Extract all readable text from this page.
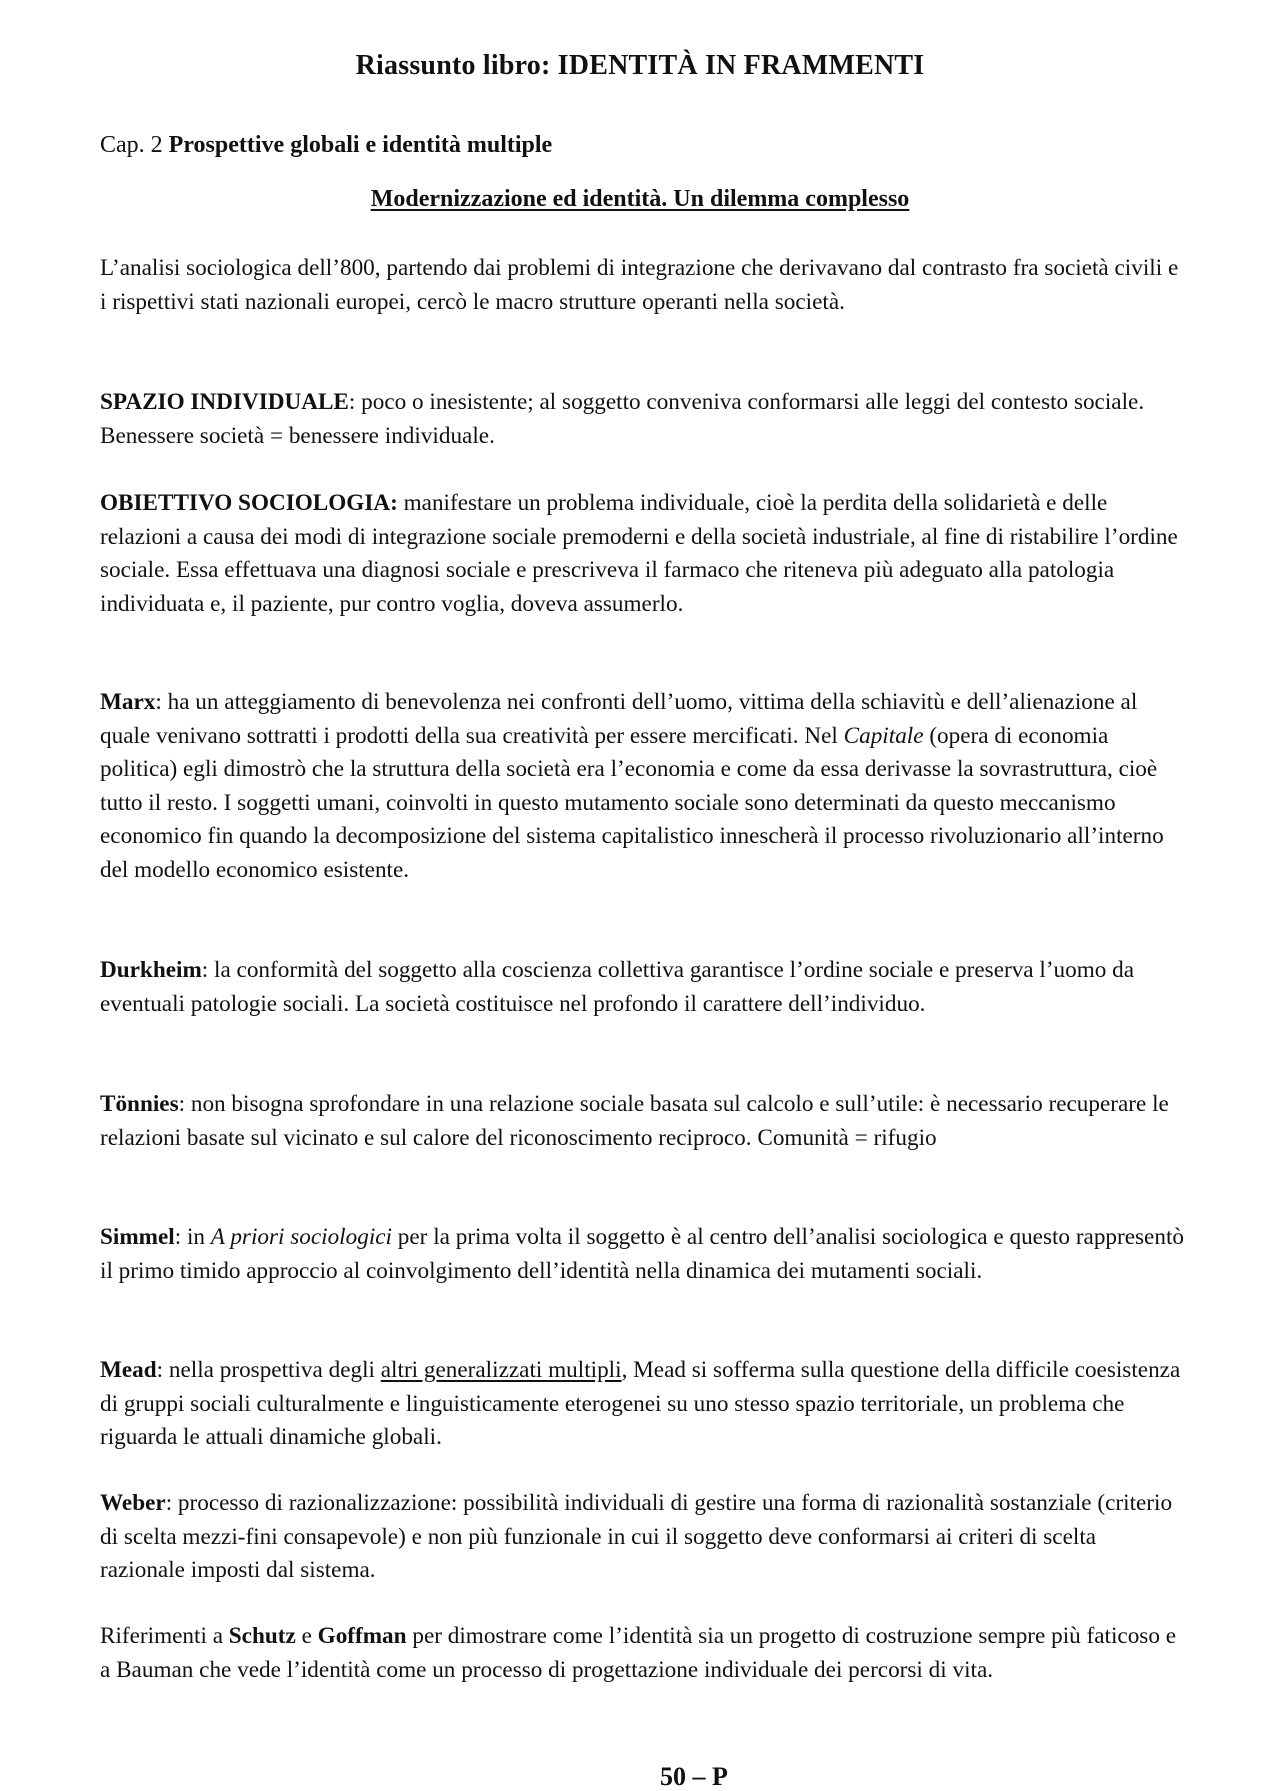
Riassunto libro: IDENTITÀ IN FRAMMENTI
Cap. 2 Prospettive globali e identità multiple
Modernizzazione ed identità. Un dilemma complesso

L’analisi sociologica dell’800, partendo dai problemi di integrazione che derivavano dal contrasto fra società civili e i rispettivi stati nazionali europei, cercò le macro strutture operanti nella società.

SPAZIO INDIVIDUALE: poco o inesistente; al soggetto conveniva conformarsi alle leggi del contesto sociale. Benessere società = benessere individuale.

OBIETTIVO SOCIOLOGIA: manifestare un problema individuale, cioè la perdita della solidarietà e delle relazioni a causa dei modi di integrazione sociale premoderni e della società industriale, al fine di ristabilire l’ordine sociale. Essa effettuava una diagnosi sociale e prescriveva il farmaco che riteneva più adeguato alla patologia individuata e, il paziente, pur contro voglia, doveva assumerlo.

Marx: ha un atteggiamento di benevolenza nei confronti dell’uomo, vittima della schiavitù e dell’alienazione al quale venivano sottratti i prodotti della sua creatività per essere mercificati. Nel Capitale (opera di economia politica) egli dimostrò che la struttura della società era l’economia e come da essa derivasse la sovrastruttura, cioè tutto il resto. I soggetti umani, coinvolti in questo mutamento sociale sono determinati da questo meccanismo economico fin quando la decomposizione del sistema capitalistico innescherà il processo rivoluzionario all’interno del modello economico esistente.

Durkheim: la conformità del soggetto alla coscienza collettiva garantisce l’ordine sociale e preserva l’uomo da eventuali patologie sociali. La società costituisce nel profondo il carattere dell’individuo.

Tönnies: non bisogna sprofondare in una relazione sociale basata sul calcolo e sull’utile: è necessario recuperare le relazioni basate sul vicinato e sul calore del riconoscimento reciproco. Comunità = rifugio

Simmel: in A priori sociologici per la prima volta il soggetto è al centro dell’analisi sociologica e questo rappresentò il primo timido approccio al coinvolgimento dell’identità nella dinamica dei mutamenti sociali.

Mead: nella prospettiva degli altri generalizzati multipli, Mead si sofferma sulla questione della difficile coesistenza di gruppi sociali culturalmente e linguisticamente eterogenei su uno stesso spazio territoriale, un problema che riguarda le attuali dinamiche globali.

Weber: processo di razionalizzazione: possibilità individuali di gestire una forma di razionalità sostanziale (criterio di scelta mezzi-fini consapevole) e non più funzionale in cui il soggetto deve conformarsi ai criteri di scelta razionale imposti dal sistema.

Riferimenti a Schutz e Goffman per dimostrare come l’identità sia un progetto di costruzione sempre più faticoso e a Bauman che vede l’identità come un processo di progettazione individuale dei percorsi di vita.

50 – P
